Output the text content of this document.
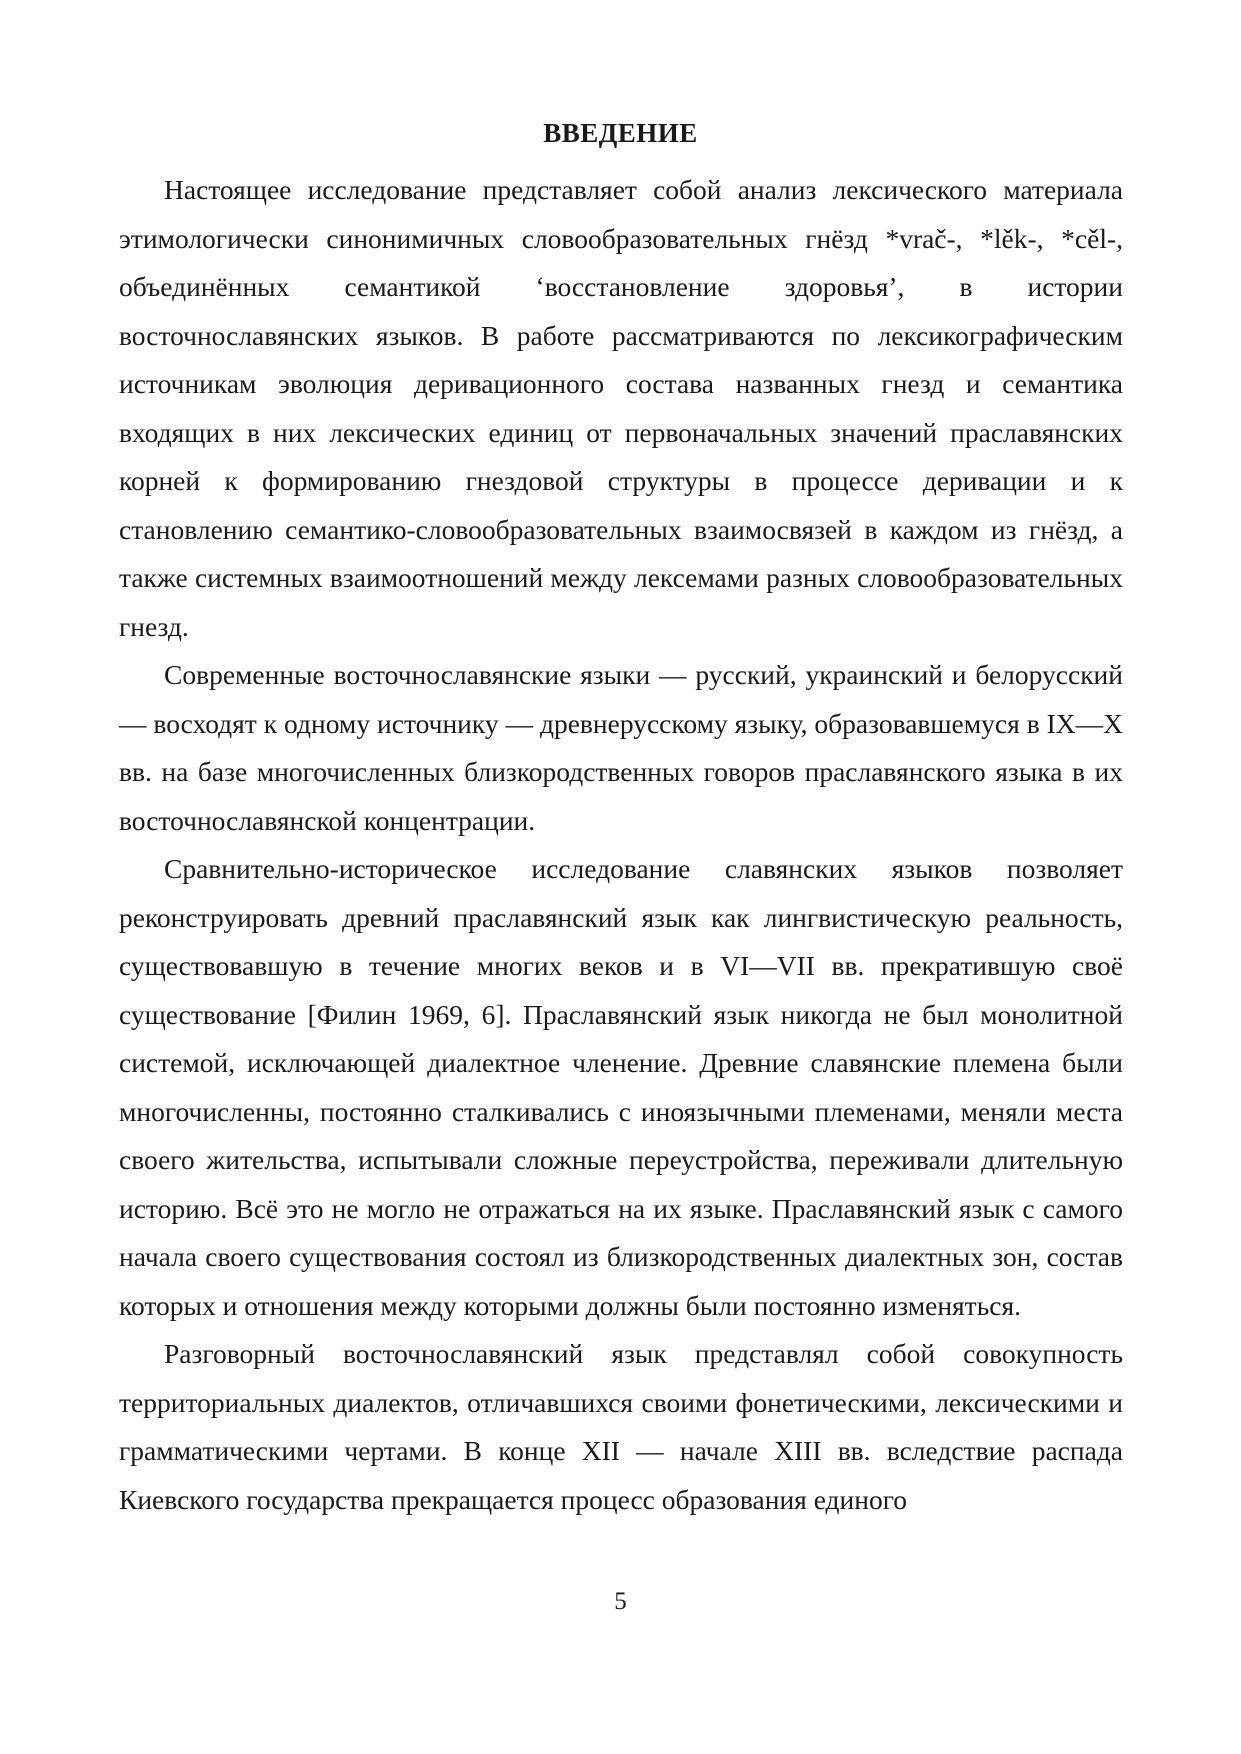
ВВЕДЕНИЕ

Настоящее исследование представляет собой анализ лексического материала этимологически синонимичных словообразовательных гнёзд *vrač-, *lěk-, *cěl-, объединённых семантикой ‘восстановление здоровья’, в истории восточнославянских языков. В работе рассматриваются по лексикографическим источникам эволюция деривационного состава названных гнезд и семантика входящих в них лексических единиц от первоначальных значений праславянских корней к формированию гнездовой структуры в процессе деривации и к становлению семантико-словообразовательных взаимосвязей в каждом из гнёзд, а также системных взаимоотношений между лексемами разных словообразовательных гнезд.

Современные восточнославянские языки — русский, украинский и белорусский — восходят к одному источнику — древнерусскому языку, образовавшемуся в IX—X вв. на базе многочисленных близкородственных говоров праславянского языка в их восточнославянской концентрации.

Сравнительно-историческое исследование славянских языков позволяет реконструировать древний праславянский язык как лингвистическую реальность, существовавшую в течение многих веков и в VI—VII вв. прекратившую своё существование [Филин 1969, 6]. Праславянский язык никогда не был монолитной системой, исключающей диалектное членение. Древние славянские племена были многочисленны, постоянно сталкивались с иноязычными племенами, меняли места своего жительства, испытывали сложные переустройства, переживали длительную историю. Всё это не могло не отражаться на их языке. Праславянский язык с самого начала своего существования состоял из близкородственных диалектных зон, состав которых и отношения между которыми должны были постоянно изменяться.

Разговорный восточнославянский язык представлял собой совокупность территориальных диалектов, отличавшихся своими фонетическими, лексическими и грамматическими чертами. В конце XII — начале XIII вв. вследствие распада Киевского государства прекращается процесс образования единого

5
